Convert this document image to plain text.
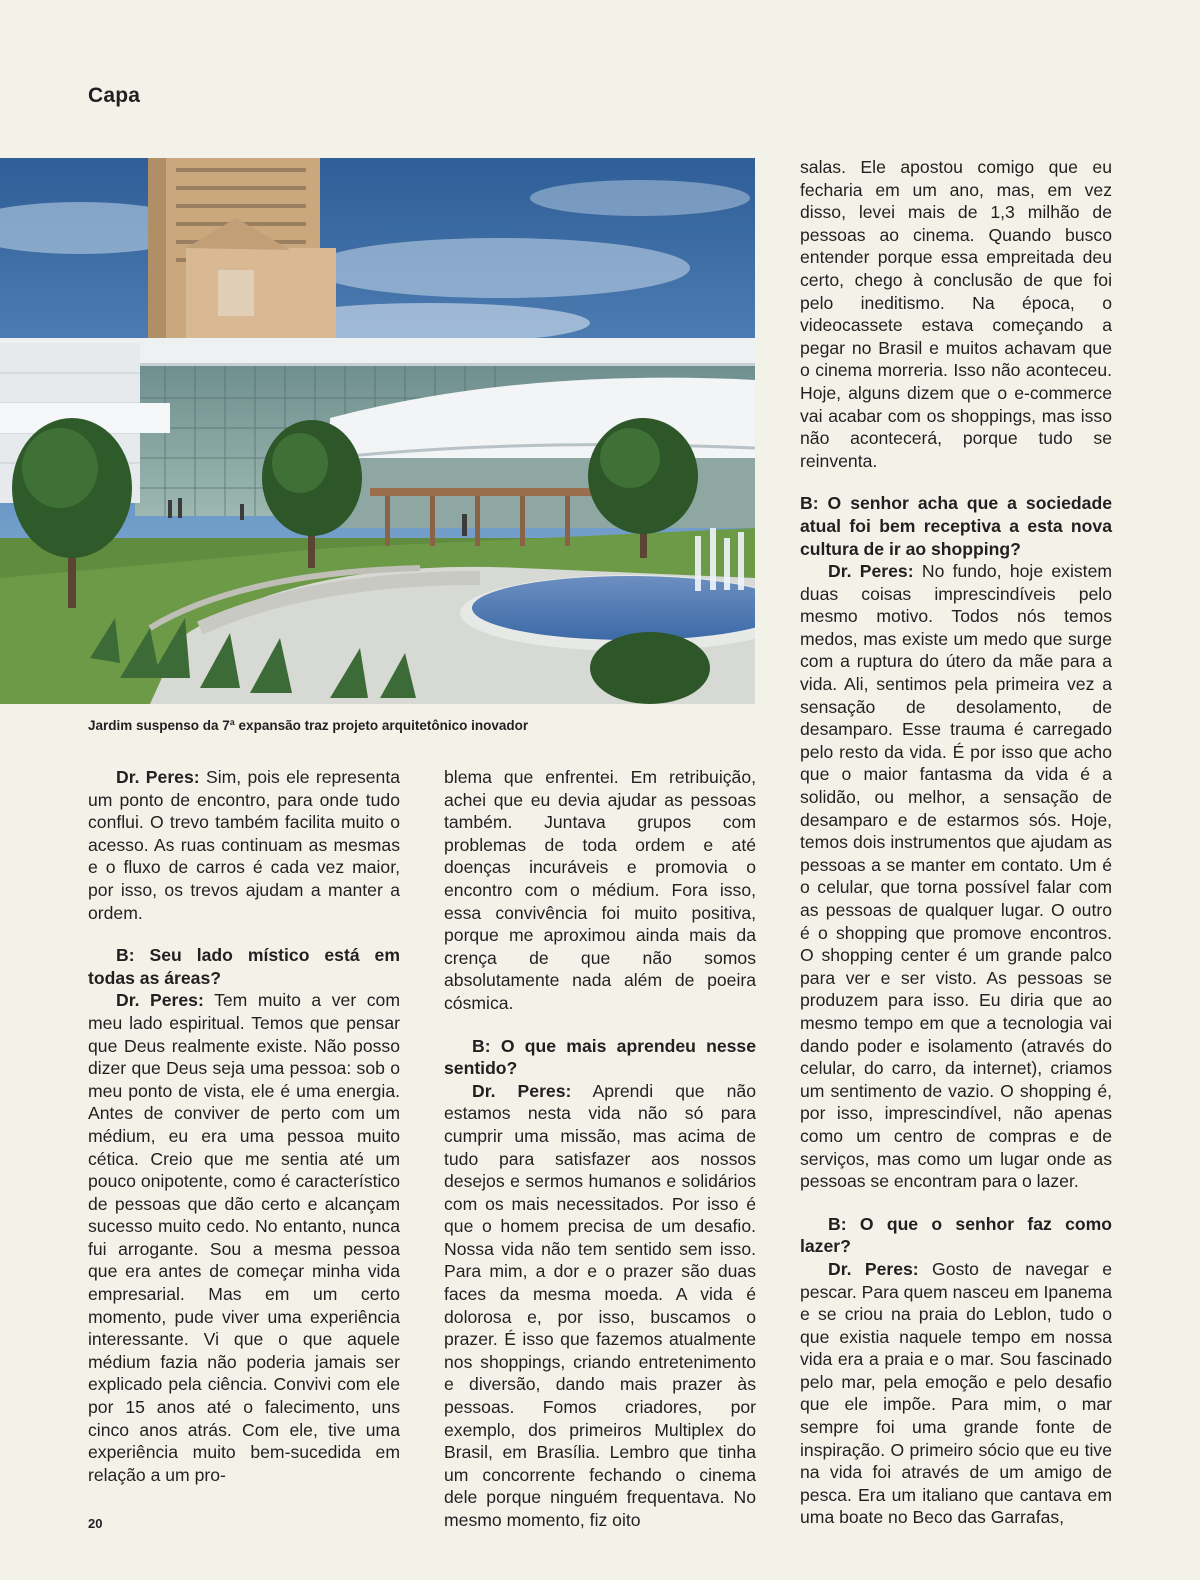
Capa
Jardim suspenso da 7ª expansão traz projeto arquitetônico inovador

Dr. Peres: Sim, pois ele representa um ponto de encontro, para onde tudo conflui. O trevo também facilita muito o acesso. As ruas continuam as mesmas e o fluxo de carros é cada vez maior, por isso, os trevos ajudam a manter a ordem.

B: Seu lado místico está em todas as áreas?

Dr. Peres: Tem muito a ver com meu lado espiritual. Temos que pensar que Deus realmente existe. Não posso dizer que Deus seja uma pessoa: sob o meu ponto de vista, ele é uma energia. Antes de conviver de perto com um médium, eu era uma pessoa muito cética. Creio que me sentia até um pouco onipotente, como é característico de pessoas que dão certo e alcançam sucesso muito cedo. No entanto, nunca fui arrogante. Sou a mesma pessoa que era antes de começar minha vida empresarial. Mas em um certo momento, pude viver uma experiência interessante. Vi que o que aquele médium fazia não poderia jamais ser explicado pela ciência. Convivi com ele por 15 anos até o falecimento, uns cinco anos atrás. Com ele, tive uma experiência muito bem-sucedida em relação a um pro-

blema que enfrentei. Em retribuição, achei que eu devia ajudar as pessoas também. Juntava grupos com problemas de toda ordem e até doenças incuráveis e promovia o encontro com o médium. Fora isso, essa convivência foi muito positiva, porque me aproximou ainda mais da crença de que não somos absolutamente nada além de poeira cósmica.

B: O que mais aprendeu nesse sentido?

Dr. Peres: Aprendi que não estamos nesta vida não só para cumprir uma missão, mas acima de tudo para satisfazer aos nossos desejos e sermos humanos e solidários com os mais necessitados. Por isso é que o homem precisa de um desafio. Nossa vida não tem sentido sem isso. Para mim, a dor e o prazer são duas faces da mesma moeda. A vida é dolorosa e, por isso, buscamos o prazer. É isso que fazemos atualmente nos shoppings, criando entretenimento e diversão, dando mais prazer às pessoas. Fomos criadores, por exemplo, dos primeiros Multiplex do Brasil, em Brasília. Lembro que tinha um concorrente fechando o cinema dele porque ninguém frequentava. No mesmo momento, fiz oito

salas. Ele apostou comigo que eu fecharia em um ano, mas, em vez disso, levei mais de 1,3 milhão de pessoas ao cinema. Quando busco entender porque essa empreitada deu certo, chego à conclusão de que foi pelo ineditismo. Na época, o videocassete estava começando a pegar no Brasil e muitos achavam que o cinema morreria. Isso não aconteceu. Hoje, alguns dizem que o e-commerce vai acabar com os shoppings, mas isso não acontecerá, porque tudo se reinventa.

B: O senhor acha que a sociedade atual foi bem receptiva a esta nova cultura de ir ao shopping?

Dr. Peres: No fundo, hoje existem duas coisas imprescindíveis pelo mesmo motivo. Todos nós temos medos, mas existe um medo que surge com a ruptura do útero da mãe para a vida. Ali, sentimos pela primeira vez a sensação de desolamento, de desamparo. Esse trauma é carregado pelo resto da vida. É por isso que acho que o maior fantasma da vida é a solidão, ou melhor, a sensação de desamparo e de estarmos sós. Hoje, temos dois instrumentos que ajudam as pessoas a se manter em contato. Um é o celular, que torna possível falar com as pessoas de qualquer lugar. O outro é o shopping que promove encontros. O shopping center é um grande palco para ver e ser visto. As pessoas se produzem para isso. Eu diria que ao mesmo tempo em que a tecnologia vai dando poder e isolamento (através do celular, do carro, da internet), criamos um sentimento de vazio. O shopping é, por isso, imprescindível, não apenas como um centro de compras e de serviços, mas como um lugar onde as pessoas se encontram para o lazer.

B: O que o senhor faz como lazer?

Dr. Peres: Gosto de navegar e pescar. Para quem nasceu em Ipanema e se criou na praia do Leblon, tudo o que existia naquele tempo em nossa vida era a praia e o mar. Sou fascinado pelo mar, pela emoção e pelo desafio que ele impõe. Para mim, o mar sempre foi uma grande fonte de inspiração. O primeiro sócio que eu tive na vida foi através de um amigo de pesca. Era um italiano que cantava em uma boate no Beco das Garrafas,

20
